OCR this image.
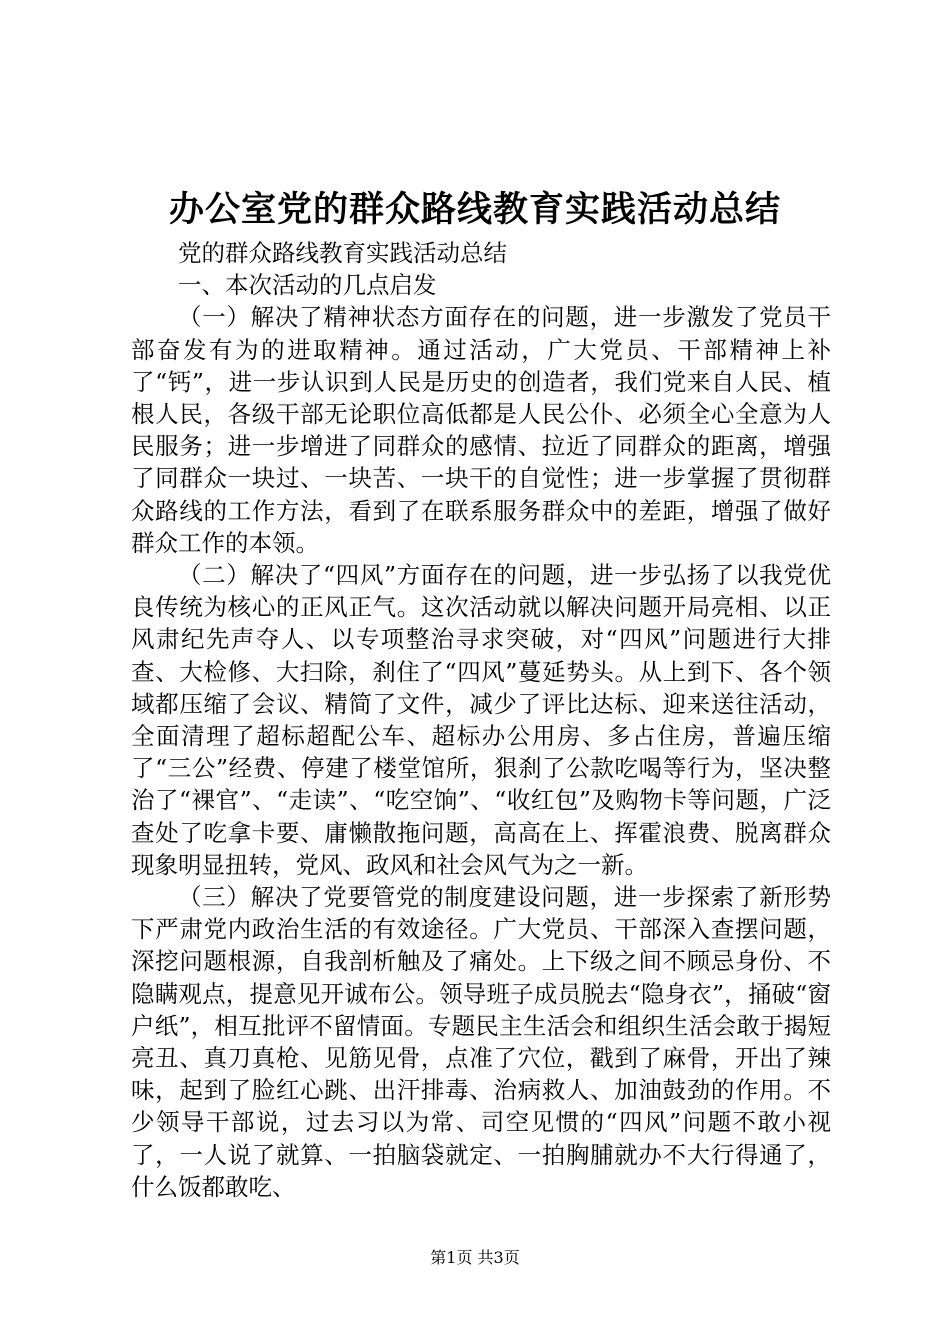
办公室党的群众路线教育实践活动总结

党的群众路线教育实践活动总结

一、本次活动的几点启发

（一）解决了精神状态方面存在的问题，进一步激发了党员干部奋发有为的进取精神。通过活动，广大党员、干部精神上补了“钙”，进一步认识到人民是历史的创造者，我们党来自人民、植根人民，各级干部无论职位高低都是人民公仆、必须全心全意为人民服务；进一步增进了同群众的感情、拉近了同群众的距离，增强了同群众一块过、一块苦、一块干的自觉性；进一步掌握了贯彻群众路线的工作方法，看到了在联系服务群众中的差距，增强了做好群众工作的本领。

（二）解决了“四风”方面存在的问题，进一步弘扬了以我党优良传统为核心的正风正气。这次活动就以解决问题开局亮相、以正风肃纪先声夺人、以专项整治寻求突破，对“四风”问题进行大排查、大检修、大扫除，刹住了“四风”蔓延势头。从上到下、各个领域都压缩了会议、精简了文件，减少了评比达标、迎来送往活动，全面清理了超标超配公车、超标办公用房、多占住房，普遍压缩了“三公”经费、停建了楼堂馆所，狠刹了公款吃喝等行为，坚决整治了“裸官”、“走读”、“吃空饷”、“收红包”及购物卡等问题，广泛查处了吃拿卡要、庸懒散拖问题，高高在上、挥霍浪费、脱离群众现象明显扭转，党风、政风和社会风气为之一新。

（三）解决了党要管党的制度建设问题，进一步探索了新形势下严肃党内政治生活的有效途径。广大党员、干部深入查摆问题，深挖问题根源，自我剖析触及了痛处。上下级之间不顾忌身份、不隐瞒观点，提意见开诚布公。领导班子成员脱去“隐身衣”，捅破“窗户纸”，相互批评不留情面。专题民主生活会和组织生活会敢于揭短亮丑、真刀真枪、见筋见骨，点准了穴位，戳到了麻骨，开出了辣味，起到了脸红心跳、出汗排毒、治病救人、加油鼓劲的作用。不少领导干部说，过去习以为常、司空见惯的“四风”问题不敢小视了，一人说了就算、一拍脑袋就定、一拍胸脯就办不大行得通了，什么饭都敢吃、

第1页 共3页
